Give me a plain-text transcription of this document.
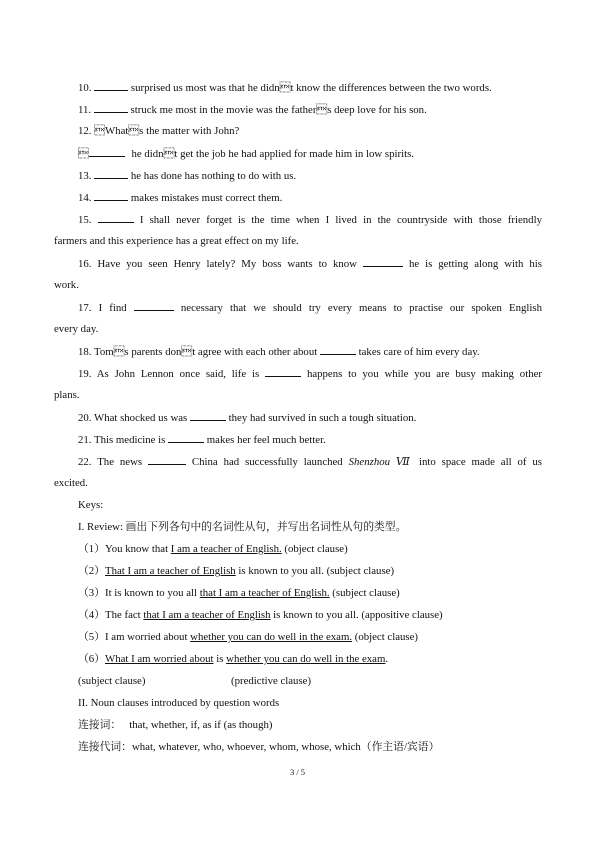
10.	surprised us most was that he didnt know the differences between the two words.
11.	struck me most in the movie was the fathers deep love for his son.
12. Whats the matter with John?
	he didnt get the job he had applied for made him in low spirits.
13.	he has done has nothing to do with us.
14.	makes mistakes must correct them.
15.	I shall never forget is the time when I lived in the countryside with those friendly
farmers and this experience has a great effect on my life.
16. Have you seen Henry lately? My boss wants to know	he is getting along with his
work.
17. I find	necessary that we should try every means to practise our spoken English
every day.
18. Toms parents dont agree with each other about	takes care of him every day.
19. As John Lennon once said, life is	happens to you while you are busy making other
plans.
20. What shocked us was	they had survived in such a tough situation.
21. This medicine is	makes her feel much better.
22. The news	China had successfully launched Shenzhou Ⅶ into space made all of us
excited.
Keys:
I. Review: 画出下列各句中的名词性从句，并写出名词性从句的类型。
（1）You know that I am a teacher of English. (object clause)
（2）That I am a teacher of English is known to you all. (subject clause)
（3）It is known to you all that I am a teacher of English. (subject clause)
（4）The fact that I am a teacher of English is known to you all. (appositive clause)
（5）I am worried about whether you can do well in the exam. (object clause)
（6）What I am worried about is whether you can do well in the exam.
(subject clause)	(predictive clause)
II. Noun clauses introduced by question words
连接词：   that, whether, if, as if (as though)
连接代词：what, whatever, who, whoever, whom, whose, which（作主语/宾语）
3 / 5
